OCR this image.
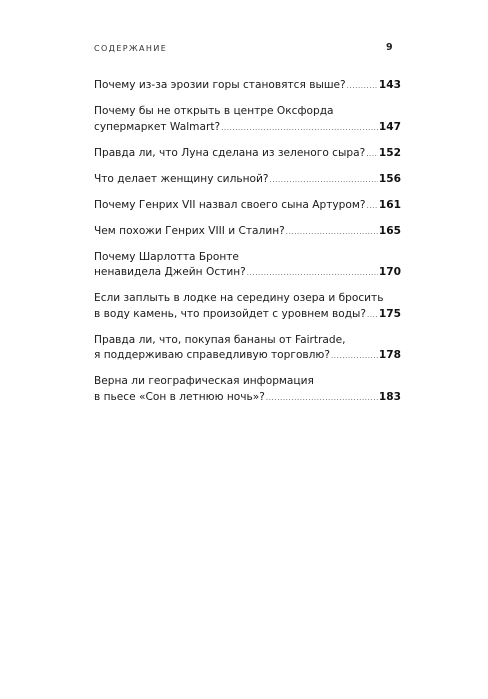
СОДЕРЖАНИЕ	9
Почему из-за эрозии горы становятся выше? .....	143
Почему бы не открыть в центре Оксфорда
супермаркет Walmart? .....	147
Правда ли, что Луна сделана из зеленого сыра? ..... 152
Что делает женщину сильной? .....	156
Почему Генрих VII назвал своего сына Артуром? ..... 161
Чем похожи Генрих VIII и Сталин? .....	165
Почему Шарлотта Бронте
ненавидела Джейн Остин? .....	170
Если заплыть в лодке на середину озера и бросить
в воду камень, что произойдет с уровнем воды? ..... 175
Правда ли, что, покупая бананы от Fairtrade,
я поддерживаю справедливую торговлю? .....	178
Верна ли географическая информация
в пьесе «Сон в летнюю ночь»? .....	183
